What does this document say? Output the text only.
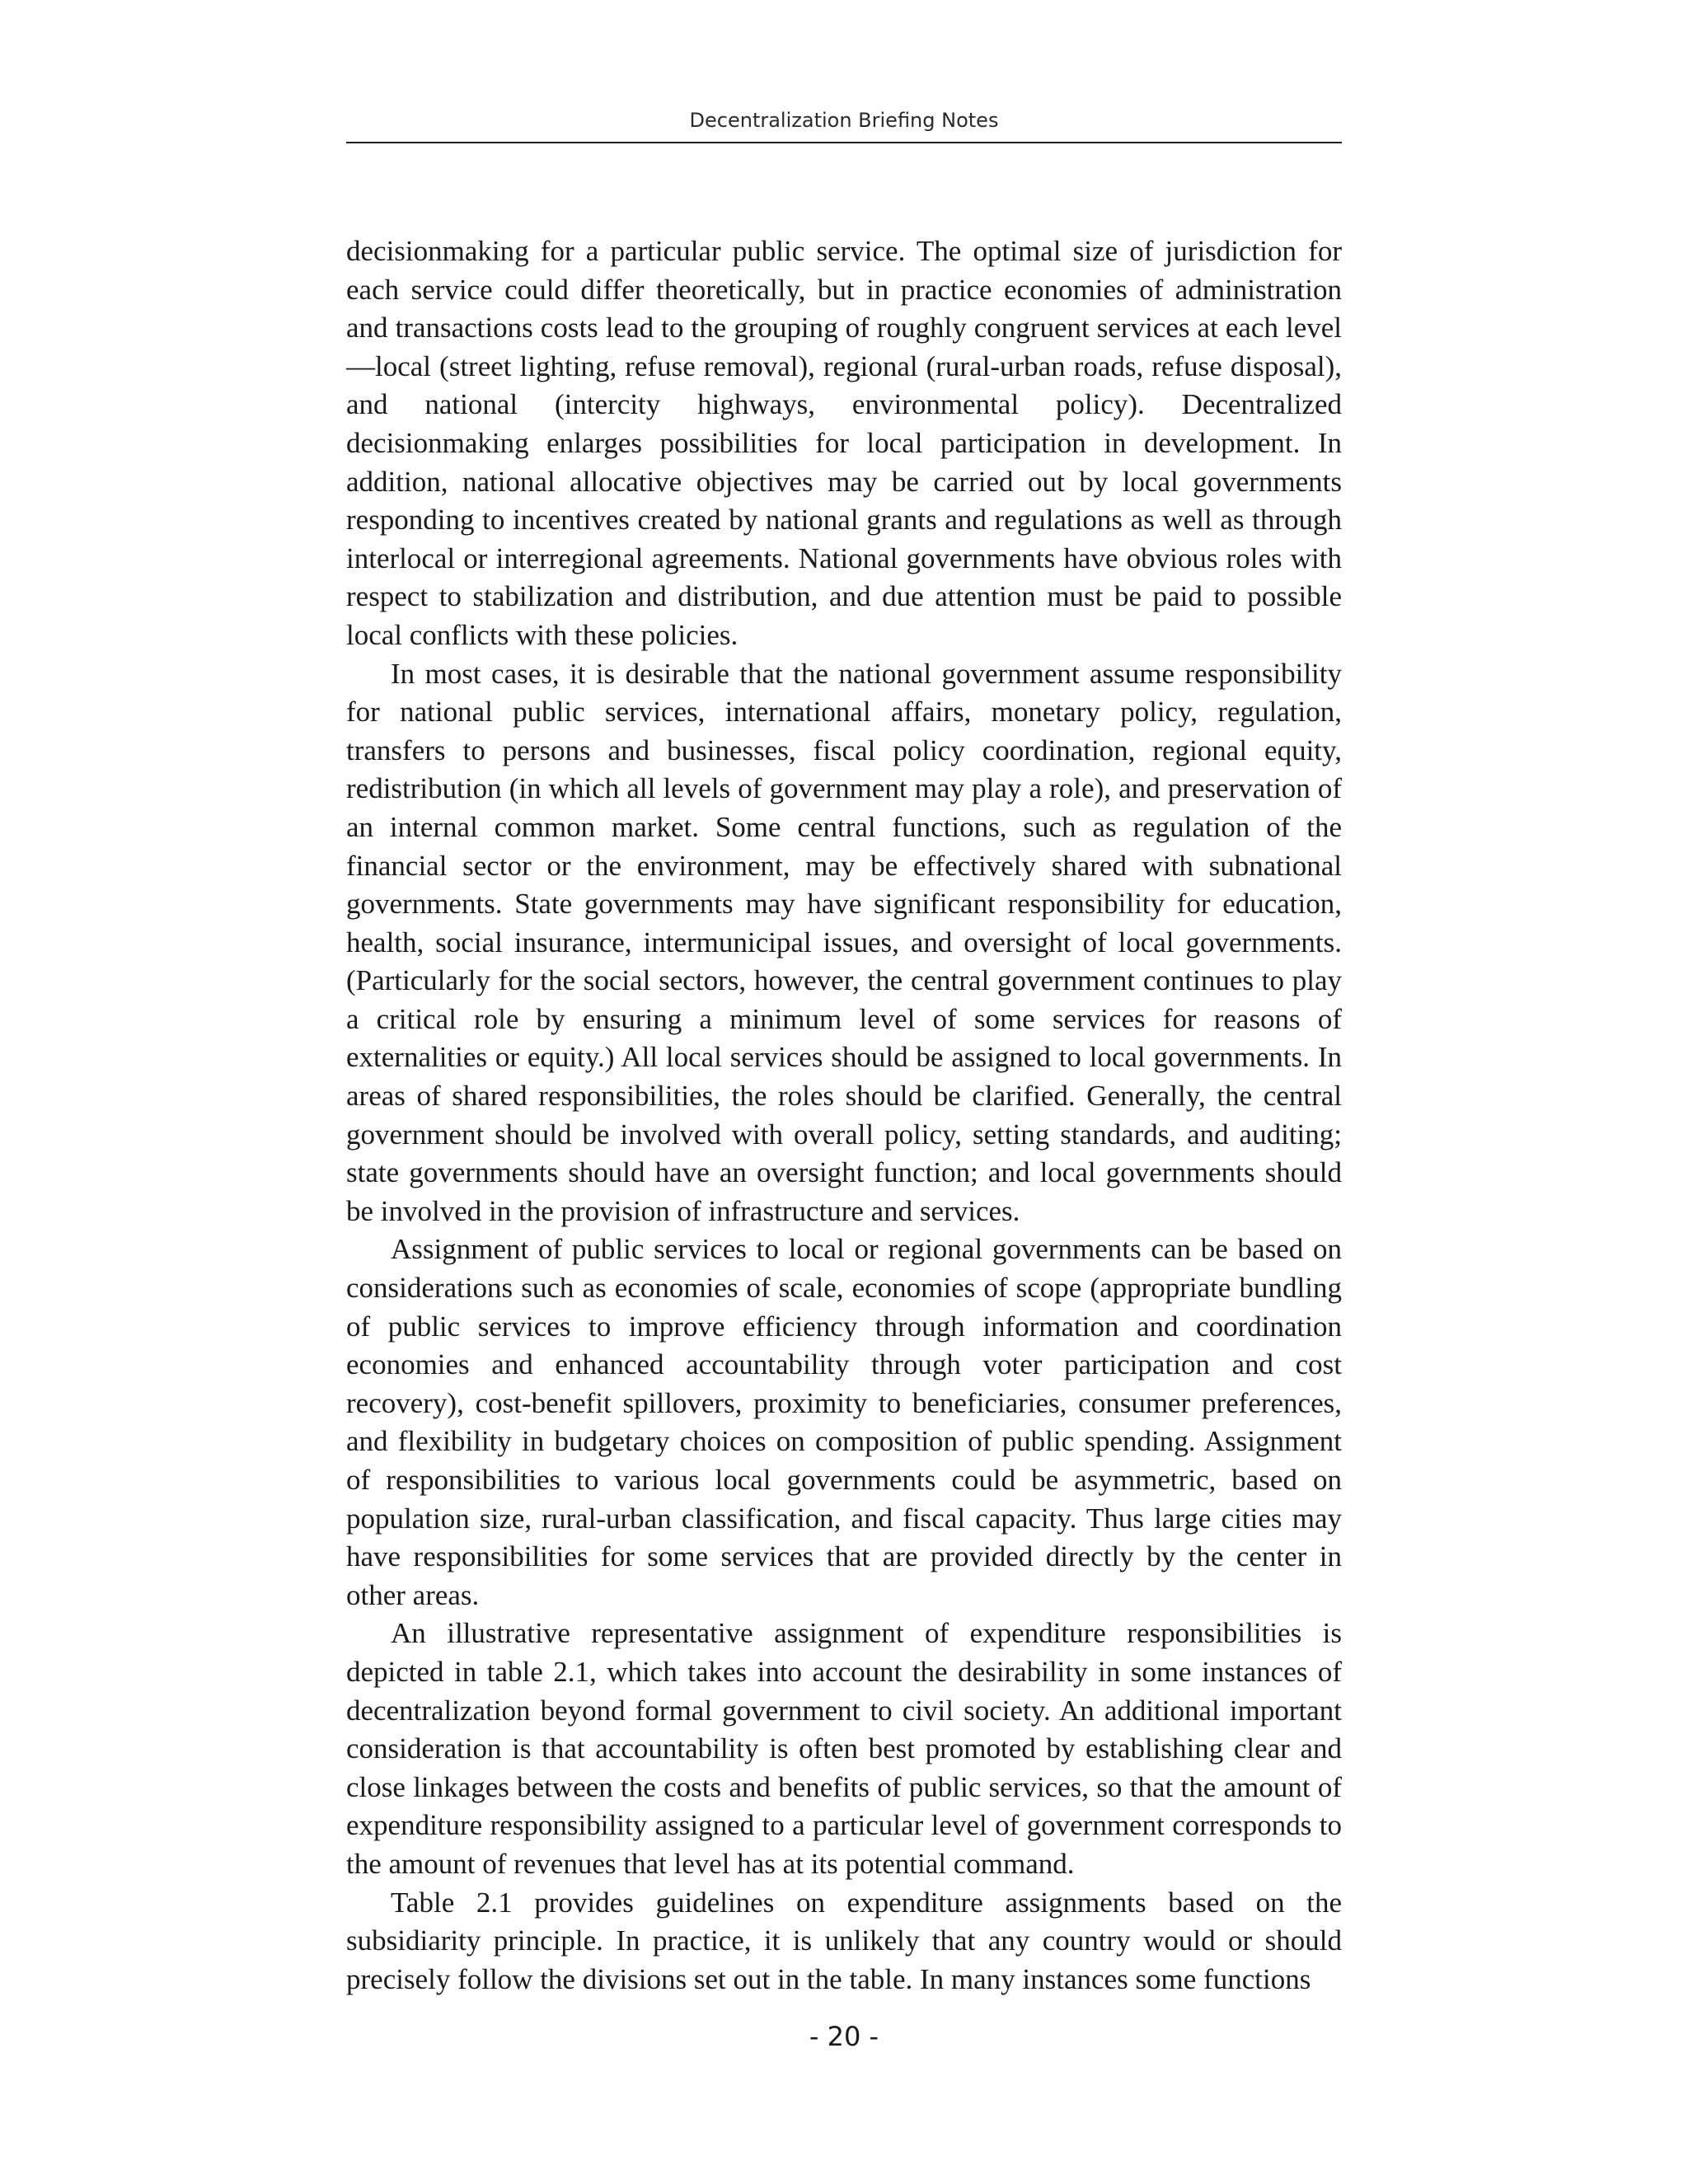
Decentralization Briefing Notes

decisionmaking for a particular public service. The optimal size of jurisdiction for each service could differ theoretically, but in practice economies of administration and transactions costs lead to the grouping of roughly congruent services at each level—local (street lighting, refuse removal), regional (rural-urban roads, refuse disposal), and national (intercity highways, environmental policy). Decentralized decisionmaking enlarges possibilities for local participation in development. In addition, national allocative objectives may be carried out by local governments responding to incentives created by national grants and regulations as well as through interlocal or interregional agreements. National governments have obvious roles with respect to stabilization and distribution, and due attention must be paid to possible local conflicts with these policies.

In most cases, it is desirable that the national government assume responsibility for national public services, international affairs, monetary policy, regulation, transfers to persons and businesses, fiscal policy coordination, regional equity, redistribution (in which all levels of government may play a role), and preservation of an internal common market. Some central functions, such as regulation of the financial sector or the environment, may be effectively shared with subnational governments. State governments may have significant responsibility for education, health, social insurance, intermunicipal issues, and oversight of local governments. (Particularly for the social sectors, however, the central government continues to play a critical role by ensuring a minimum level of some services for reasons of externalities or equity.) All local services should be assigned to local governments. In areas of shared responsibilities, the roles should be clarified. Generally, the central government should be involved with overall policy, setting standards, and auditing; state governments should have an oversight function; and local governments should be involved in the provision of infrastructure and services.

Assignment of public services to local or regional governments can be based on considerations such as economies of scale, economies of scope (appropriate bundling of public services to improve efficiency through information and coordination economies and enhanced accountability through voter participation and cost recovery), cost-benefit spillovers, proximity to beneficiaries, consumer preferences, and flexibility in budgetary choices on composition of public spending. Assignment of responsibilities to various local governments could be asymmetric, based on population size, rural-urban classification, and fiscal capacity. Thus large cities may have responsibilities for some services that are provided directly by the center in other areas.

An illustrative representative assignment of expenditure responsibilities is depicted in table 2.1, which takes into account the desirability in some instances of decentralization beyond formal government to civil society. An additional important consideration is that accountability is often best promoted by establishing clear and close linkages between the costs and benefits of public services, so that the amount of expenditure responsibility assigned to a particular level of government corresponds to the amount of revenues that level has at its potential command.

Table 2.1 provides guidelines on expenditure assignments based on the subsidiarity principle. In practice, it is unlikely that any country would or should precisely follow the divisions set out in the table. In many instances some functions

- 20 -
